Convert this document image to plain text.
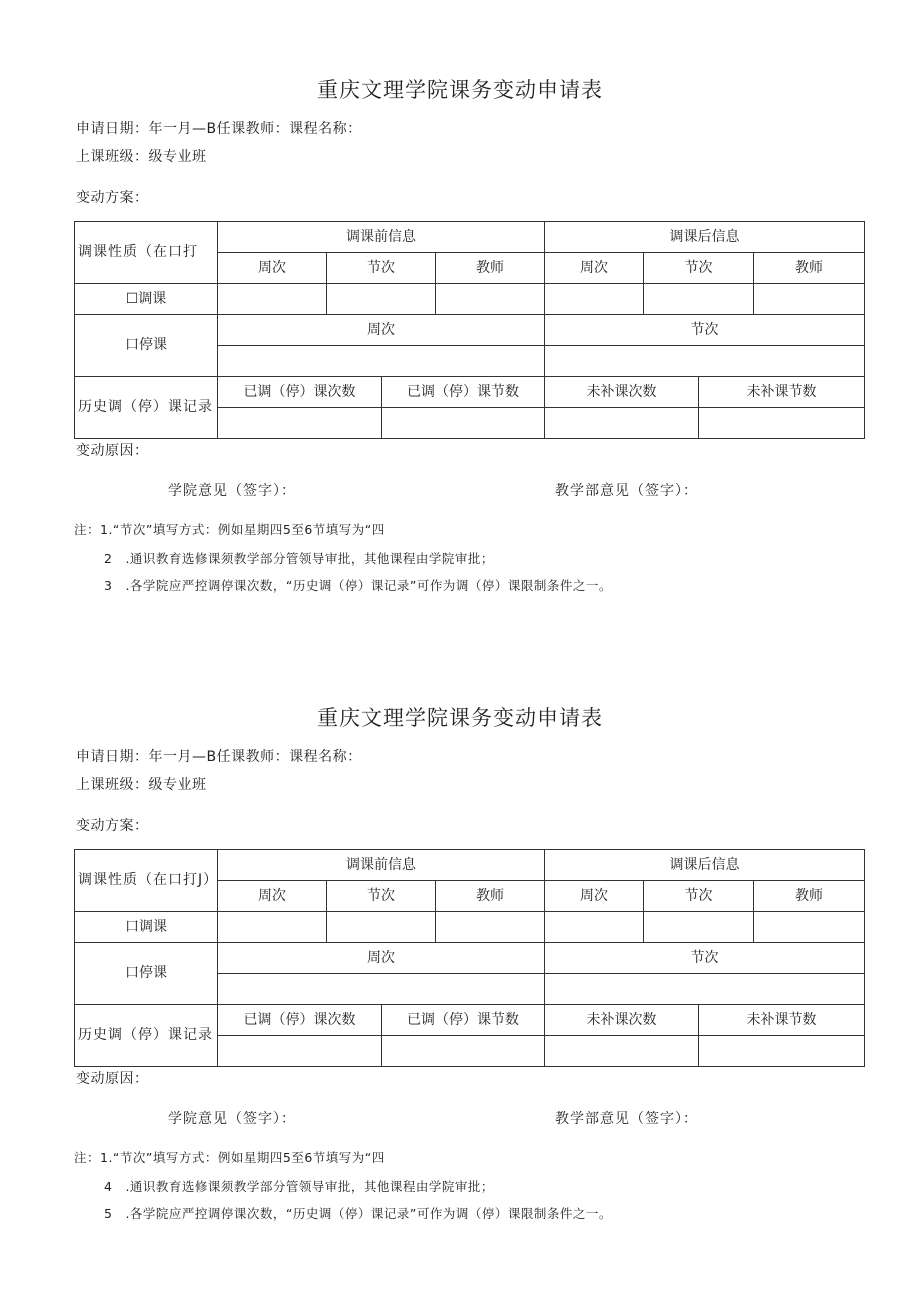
重庆文理学院课务变动申请表
申请日期：年一月—B任课教师：课程名称：
上课班级：级专业班
变动方案：
调课性质（在口打	调课前信息				调课后信息			
	周次	节次		教师	周次	节次		教师
☐调课								
口停课	周次				节次			

历史调（停）课记录	已调（停）课次数		已调（停）课节数		未补课次数		未补课节数	

变动原因：
学院意见（签字）：	教学部意见（签字）：
注：1.“节次”填写方式：例如星期四5至6节填写为“四
2　.通识教育选修课须教学部分管领导审批，其他课程由学院审批；
3　.各学院应严控调停课次数，“历史调（停）课记录”可作为调（停）课限制条件之一。
重庆文理学院课务变动申请表
申请日期：年一月—B任课教师：课程名称：
上课班级：级专业班
变动方案：
调课性质（在口打J）	调课前信息				调课后信息			
	周次	节次		教师	周次	节次		教师
口调课								
口停课	周次				节次			

历史调（停）课记录	已调（停）课次数		已调（停）课节数		未补课次数		未补课节数	

变动原因：
学院意见（签字）：	教学部意见（签字）：
注：1.“节次”填写方式：例如星期四5至6节填写为“四
4　.通识教育选修课须教学部分管领导审批，其他课程由学院审批；
5　.各学院应严控调停课次数，“历史调（停）课记录”可作为调（停）课限制条件之一。
